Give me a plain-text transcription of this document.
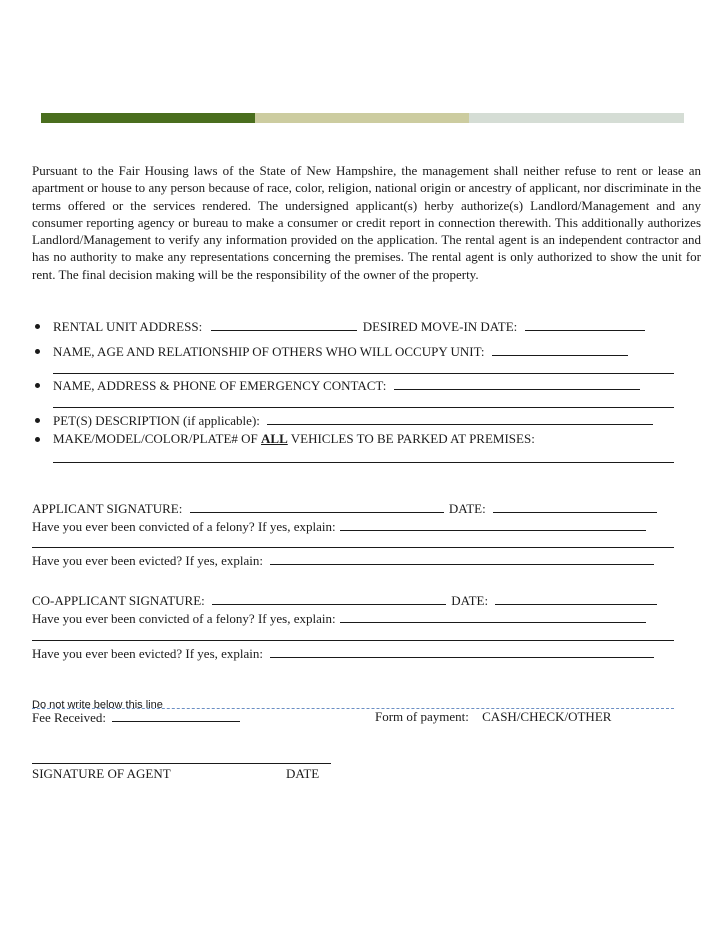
Pursuant to the Fair Housing laws of the State of New Hampshire, the management shall neither refuse to rent or lease an apartment or house to any person because of race, color, religion, national origin or ancestry of applicant, nor discriminate in the terms offered or the services rendered. The undersigned applicant(s) herby authorize(s) Landlord/Management and any consumer reporting agency or bureau to make a consumer or credit report in connection therewith. This additionally authorizes Landlord/Management to verify any information provided on the application. The rental agent is an independent contractor and has no authority to make any representations concerning the premises. The rental agent is only authorized to show the unit for rent. The final decision making will be the responsibility of the owner of the property.

RENTAL UNIT ADDRESS:	DESIRED MOVE-IN DATE:
NAME, AGE AND RELATIONSHIP OF OTHERS WHO WILL OCCUPY UNIT:
NAME, ADDRESS & PHONE OF EMERGENCY CONTACT:
PET(S) DESCRIPTION (if applicable):
MAKE/MODEL/COLOR/PLATE# OF ALL VEHICLES TO BE PARKED AT PREMISES:
APPLICANT SIGNATURE:	DATE:
Have you ever been convicted of a felony? If yes, explain:
Have you ever been evicted? If yes, explain:
CO-APPLICANT SIGNATURE:	DATE:
Have you ever been convicted of a felony? If yes, explain:
Have you ever been evicted? If yes, explain:
Do not write below this line
Fee Received:	Form of payment: CASH/CHECK/OTHER
SIGNATURE OF AGENT	DATE
